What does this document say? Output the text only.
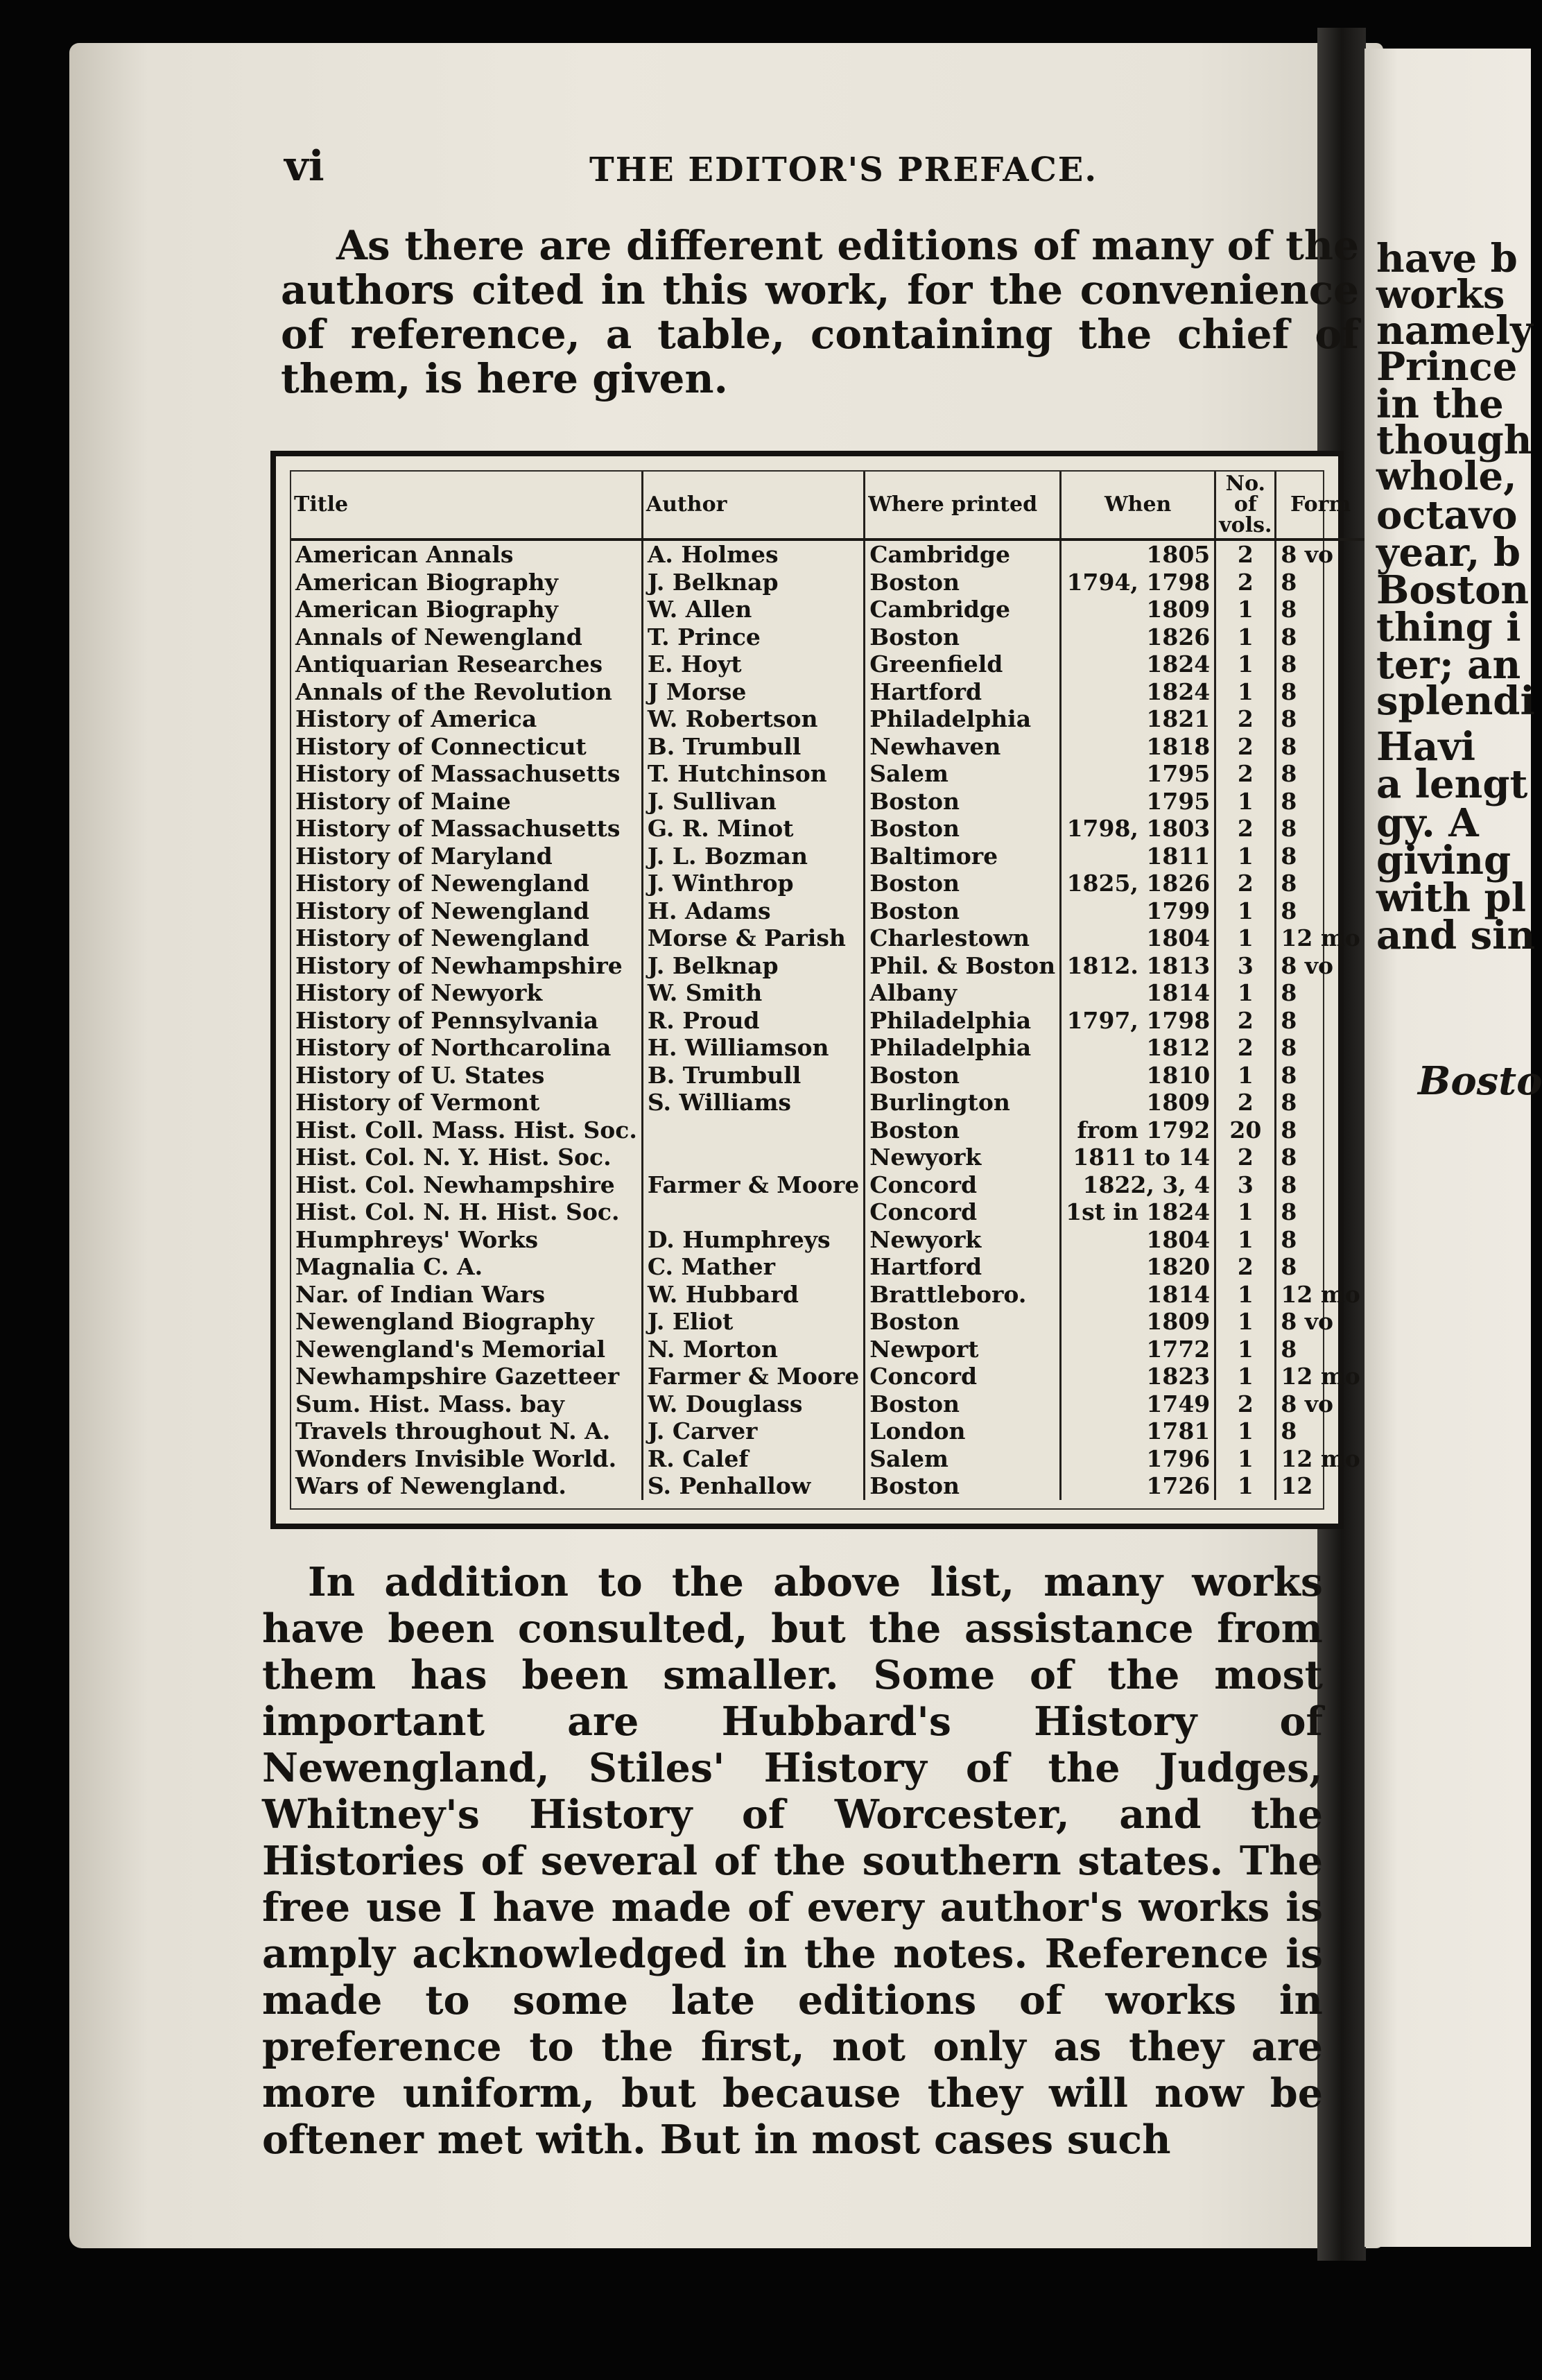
vi	THE EDITOR'S PREFACE.

As there are different editions of many of the authors cited in this work, for the convenience of reference, a table, containing the chief of them, is here given.

Title	Author	Where printed	When	No. of vols.	Form
American Annals	A. Holmes	Cambridge	1805	2	8 vo
American Biography	J. Belknap	Boston	1794, 1798	2	8
American Biography	W. Allen	Cambridge	1809	1	8
Annals of Newengland	T. Prince	Boston	1826	1	8
Antiquarian Researches	E. Hoyt	Greenfield	1824	1	8
Annals of the Revolution	J Morse	Hartford	1824	1	8
History of America	W. Robertson	Philadelphia	1821	2	8
History of Connecticut	B. Trumbull	Newhaven	1818	2	8
History of Massachusetts	T. Hutchinson	Salem	1795	2	8
History of Maine	J. Sullivan	Boston	1795	1	8
History of Massachusetts	G. R. Minot	Boston	1798, 1803	2	8
History of Maryland	J. L. Bozman	Baltimore	1811	1	8
History of Newengland	J. Winthrop	Boston	1825, 1826	2	8
History of Newengland	H. Adams	Boston	1799	1	8
History of Newengland	Morse & Parish	Charlestown	1804	1	12 mo
History of Newhampshire	J. Belknap	Phil. & Boston	1812. 1813	3	8 vo
History of Newyork	W. Smith	Albany	1814	1	8
History of Pennsylvania	R. Proud	Philadelphia	1797, 1798	2	8
History of Northcarolina	H. Williamson	Philadelphia	1812	2	8
History of U. States	B. Trumbull	Boston	1810	1	8
History of Vermont	S. Williams	Burlington	1809	2	8
Hist. Coll. Mass. Hist. Soc.		Boston	from 1792	20	8
Hist. Col. N. Y. Hist. Soc.		Newyork	1811 to 14	2	8
Hist. Col. Newhampshire	Farmer & Moore	Concord	1822, 3, 4	3	8
Hist. Col. N. H. Hist. Soc.		Concord	1st in 1824	1	8
Humphreys' Works	D. Humphreys	Newyork	1804	1	8
Magnalia C. A.	C. Mather	Hartford	1820	2	8
Nar. of Indian Wars	W. Hubbard	Brattleboro.	1814	1	12 mo
Newengland Biography	J. Eliot	Boston	1809	1	8 vo
Newengland's Memorial	N. Morton	Newport	1772	1	8
Newhampshire Gazetteer	Farmer & Moore	Concord	1823	1	12 mo
Sum. Hist. Mass. bay	W. Douglass	Boston	1749	2	8 vo
Travels throughout N. A.	J. Carver	London	1781	1	8
Wonders Invisible World.	R. Calef	Salem	1796	1	12 mo
Wars of Newengland.	S. Penhallow	Boston	1726	1	12

In addition to the above list, many works have been consulted, but the assistance from them has been smaller. Some of the most important are Hubbard's History of Newengland, Stiles' History of the Judges, Whitney's History of Worcester, and the Histories of several of the southern states. The free use I have made of every author's works is amply acknowledged in the notes. Reference is made to some late editions of works in preference to the first, not only as they are more uniform, but because they will now be oftener met with. But in most cases such

have b
works
namely
Prince
in the
though
whole,
octavo
year, b
Boston
thing i
ter; an
splendi
Havi
a lengt
gy. A
giving
with pl
and sin
Bosto
